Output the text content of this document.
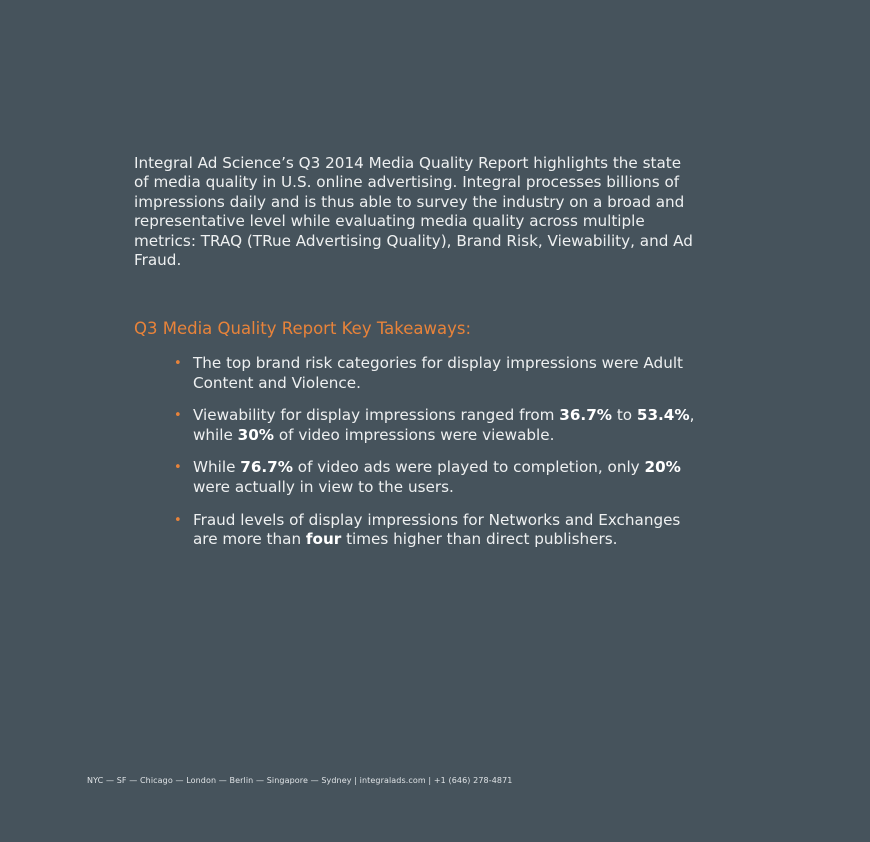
Integral Ad Science’s Q3 2014 Media Quality Report highlights the state of media quality in U.S. online advertising. Integral processes billions of impressions daily and is thus able to survey the industry on a broad and representative level while evaluating media quality across multiple metrics: TRAQ (TRue Advertising Quality), Brand Risk, Viewability, and Ad Fraud.

Q3 Media Quality Report Key Takeaways:
• The top brand risk categories for display impressions were Adult Content and Violence.
• Viewability for display impressions ranged from 36.7% to 53.4%, while 30% of video impressions were viewable.
• While 76.7% of video ads were played to completion, only 20% were actually in view to the users.
• Fraud levels of display impressions for Networks and Exchanges are more than four times higher than direct publishers.

NYC — SF — Chicago — London — Berlin — Singapore — Sydney | integralads.com | +1 (646) 278-4871
